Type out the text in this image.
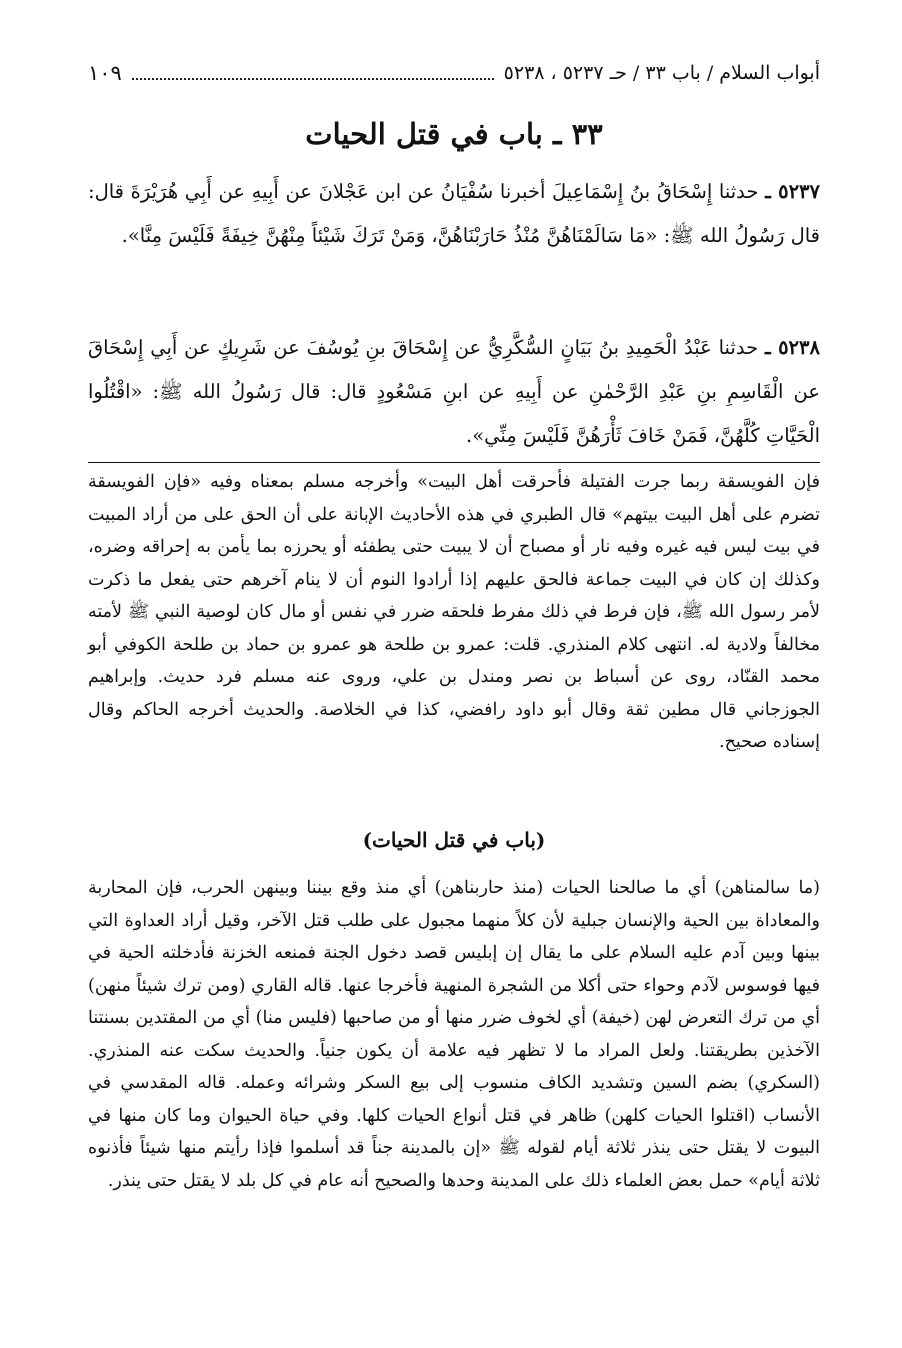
أبواب السلام / باب ٣٣ / حـ ٥٢٣٧ ، ٥٢٣٨
١٠٩
٣٣ ـ باب في قتل الحيات

٥٢٣٧ ـ حدثنا إِسْحَاقُ بنُ إِسْمَاعِيلَ أخبرنا سُفْيَانُ عن ابن عَجْلانَ عن أَبِيهِ عن أَبِي هُرَيْرَةَ قال: قال رَسُولُ الله ﷺ: «مَا سَالَمْنَاهُنَّ مُنْذُ حَارَبْنَاهُنَّ، وَمَنْ تَرَكَ شَيْئاً مِنْهُنَّ خِيفَةً فَلَيْسَ مِنَّا».

٥٢٣٨ ـ حدثنا عَبْدُ الْحَمِيدِ بنُ بَيَانٍ السُّكَّرِيُّ عن إِسْحَاقَ بنِ يُوسُفَ عن شَرِيكٍ عن أَبِي إِسْحَاقَ عن الْقَاسِمِ بنِ عَبْدِ الرَّحْمٰنِ عن أَبِيهِ عن ابنِ مَسْعُودٍ قال: قال رَسُولُ الله ﷺ: «اقْتُلُوا الْحَيَّاتِ كُلَّهُنَّ، فَمَنْ خَافَ ثَأْرَهُنَّ فَلَيْسَ مِنِّي».

فإن الفويسقة ربما جرت الفتيلة فأحرقت أهل البيت» وأخرجه مسلم بمعناه وفيه «فإن الفويسقة تضرم على أهل البيت بيتهم» قال الطبري في هذه الأحاديث الإبانة على أن الحق على من أراد المبيت في بيت ليس فيه غيره وفيه نار أو مصباح أن لا يبيت حتى يطفئه أو يحرزه بما يأمن به إحراقه وضره، وكذلك إن كان في البيت جماعة فالحق عليهم إذا أرادوا النوم أن لا ينام آخرهم حتى يفعل ما ذكرت لأمر رسول الله ﷺ، فإن فرط في ذلك مفرط فلحقه ضرر في نفس أو مال كان لوصية النبي ﷺ لأمته مخالفاً ولادية له. انتهى كلام المنذري. قلت: عمرو بن طلحة هو عمرو بن حماد بن طلحة الكوفي أبو محمد القنّاد، روى عن أسباط بن نصر ومندل بن علي، وروى عنه مسلم فرد حديث. وإبراهيم الجوزجاني قال مطين ثقة وقال أبو داود رافضي، كذا في الخلاصة. والحديث أخرجه الحاكم وقال إسناده صحيح.

(باب في قتل الحيات)

(ما سالمناهن) أي ما صالحنا الحيات (منذ حاربناهن) أي منذ وقع بيننا وبينهن الحرب، فإن المحاربة والمعاداة بين الحية والإنسان جبلية لأن كلاً منهما مجبول على طلب قتل الآخر، وقيل أراد العداوة التي بينها وبين آدم عليه السلام على ما يقال إن إبليس قصد دخول الجنة فمنعه الخزنة فأدخلته الحية في فيها فوسوس لآدم وحواء حتى أكلا من الشجرة المنهية فأخرجا عنها. قاله القاري (ومن ترك شيئاً منهن) أي من ترك التعرض لهن (خيفة) أي لخوف ضرر منها أو من صاحبها (فليس منا) أي من المقتدين بسنتنا الآخذين بطريقتنا. ولعل المراد ما لا تظهر فيه علامة أن يكون جنياً. والحديث سكت عنه المنذري. (السكري) بضم السين وتشديد الكاف منسوب إلى بيع السكر وشرائه وعمله. قاله المقدسي في الأنساب (اقتلوا الحيات كلهن) ظاهر في قتل أنواع الحيات كلها. وفي حياة الحيوان وما كان منها في البيوت لا يقتل حتى ينذر ثلاثة أيام لقوله ﷺ «إن بالمدينة جناً قد أسلموا فإذا رأيتم منها شيئاً فأذنوه ثلاثة أيام» حمل بعض العلماء ذلك على المدينة وحدها والصحيح أنه عام في كل بلد لا يقتل حتى ينذر.
